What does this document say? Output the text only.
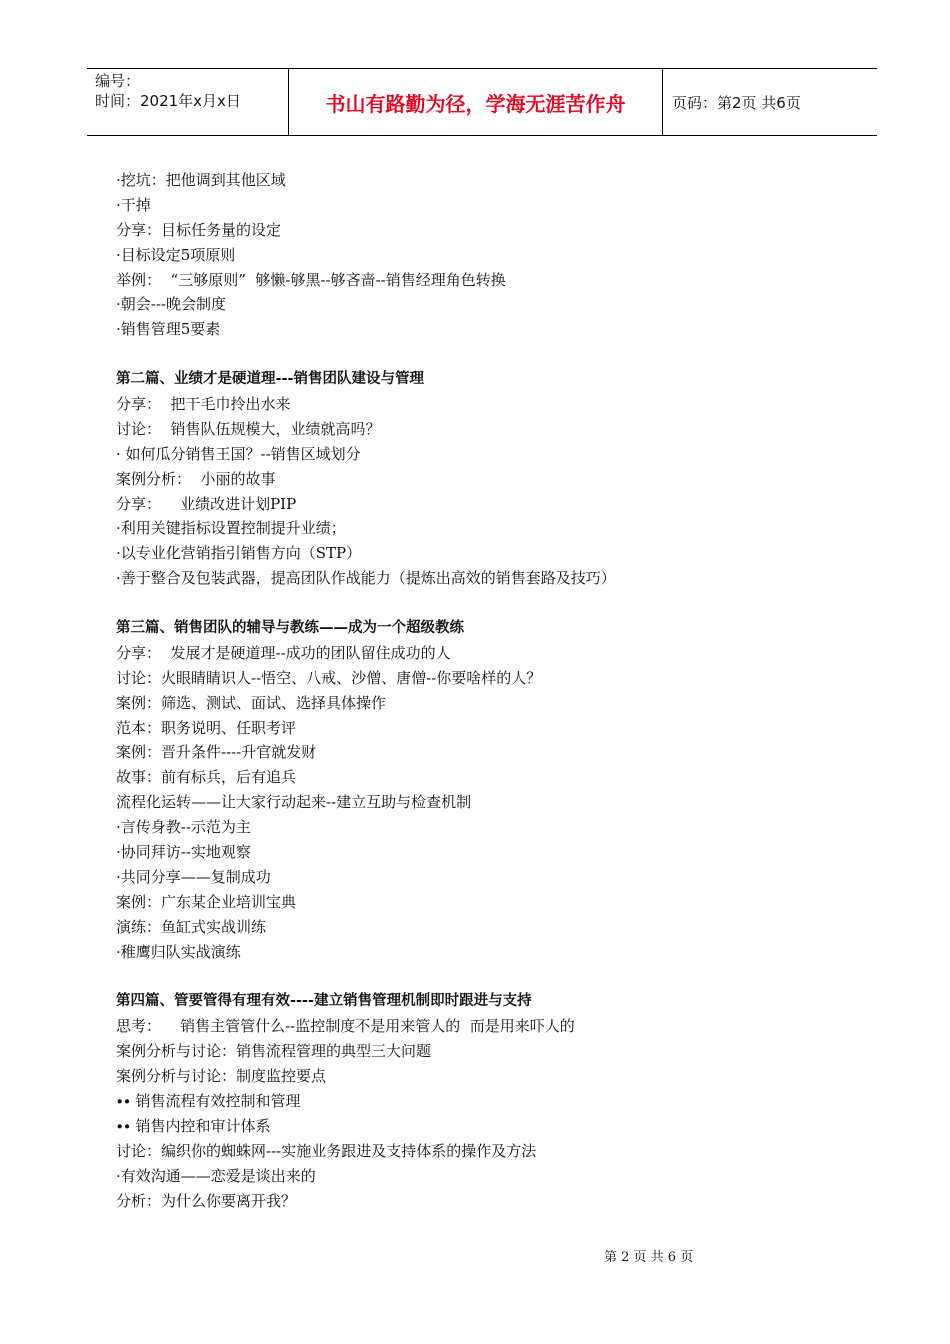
编号：
时间：2021年x月x日	书山有路勤为径，学海无涯苦作舟	页码：第2页 共6页
·挖坑：把他调到其他区域
·干掉
分享：目标任务量的设定
·目标设定5项原则
举例：  “三够原则”  够懒-够黑--够吝啬--销售经理角色转换
·朝会---晚会制度
·销售管理5要素
第二篇、业绩才是硬道理---销售团队建设与管理
分享：  把干毛巾拎出水来
讨论：  销售队伍规模大，业绩就高吗？
· 如何瓜分销售王国？--销售区域划分
案例分析：  小丽的故事
分享：    业绩改进计划PIP
·利用关键指标设置控制提升业绩；
·以专业化营销指引销售方向（STP）
·善于整合及包装武器，提高团队作战能力（提炼出高效的销售套路及技巧）
第三篇、销售团队的辅导与教练——成为一个超级教练
分享：  发展才是硬道理--成功的团队留住成功的人
讨论：火眼睛睛识人--悟空、八戒、沙僧、唐僧--你要啥样的人？
案例：筛选、测试、面试、选择具体操作
范本：职务说明、任职考评
案例：晋升条件----升官就发财
故事：前有标兵，后有追兵
流程化运转——让大家行动起来--建立互助与检查机制
·言传身教--示范为主
·协同拜访--实地观察
·共同分享——复制成功
案例：广东某企业培训宝典
演练：鱼缸式实战训练
·稚鹰归队实战演练
第四篇、管要管得有理有效----建立销售管理机制即时跟进与支持
思考：    销售主管管什么--监控制度不是用来管人的  而是用来吓人的
案例分析与讨论：销售流程管理的典型三大问题
案例分析与讨论：制度监控要点
∙∙ 销售流程有效控制和管理
∙∙ 销售内控和审计体系
讨论：编织你的蜘蛛网---实施业务跟进及支持体系的操作及方法
·有效沟通——恋爱是谈出来的
分析：为什么你要离开我？
第 2 页 共 6 页
